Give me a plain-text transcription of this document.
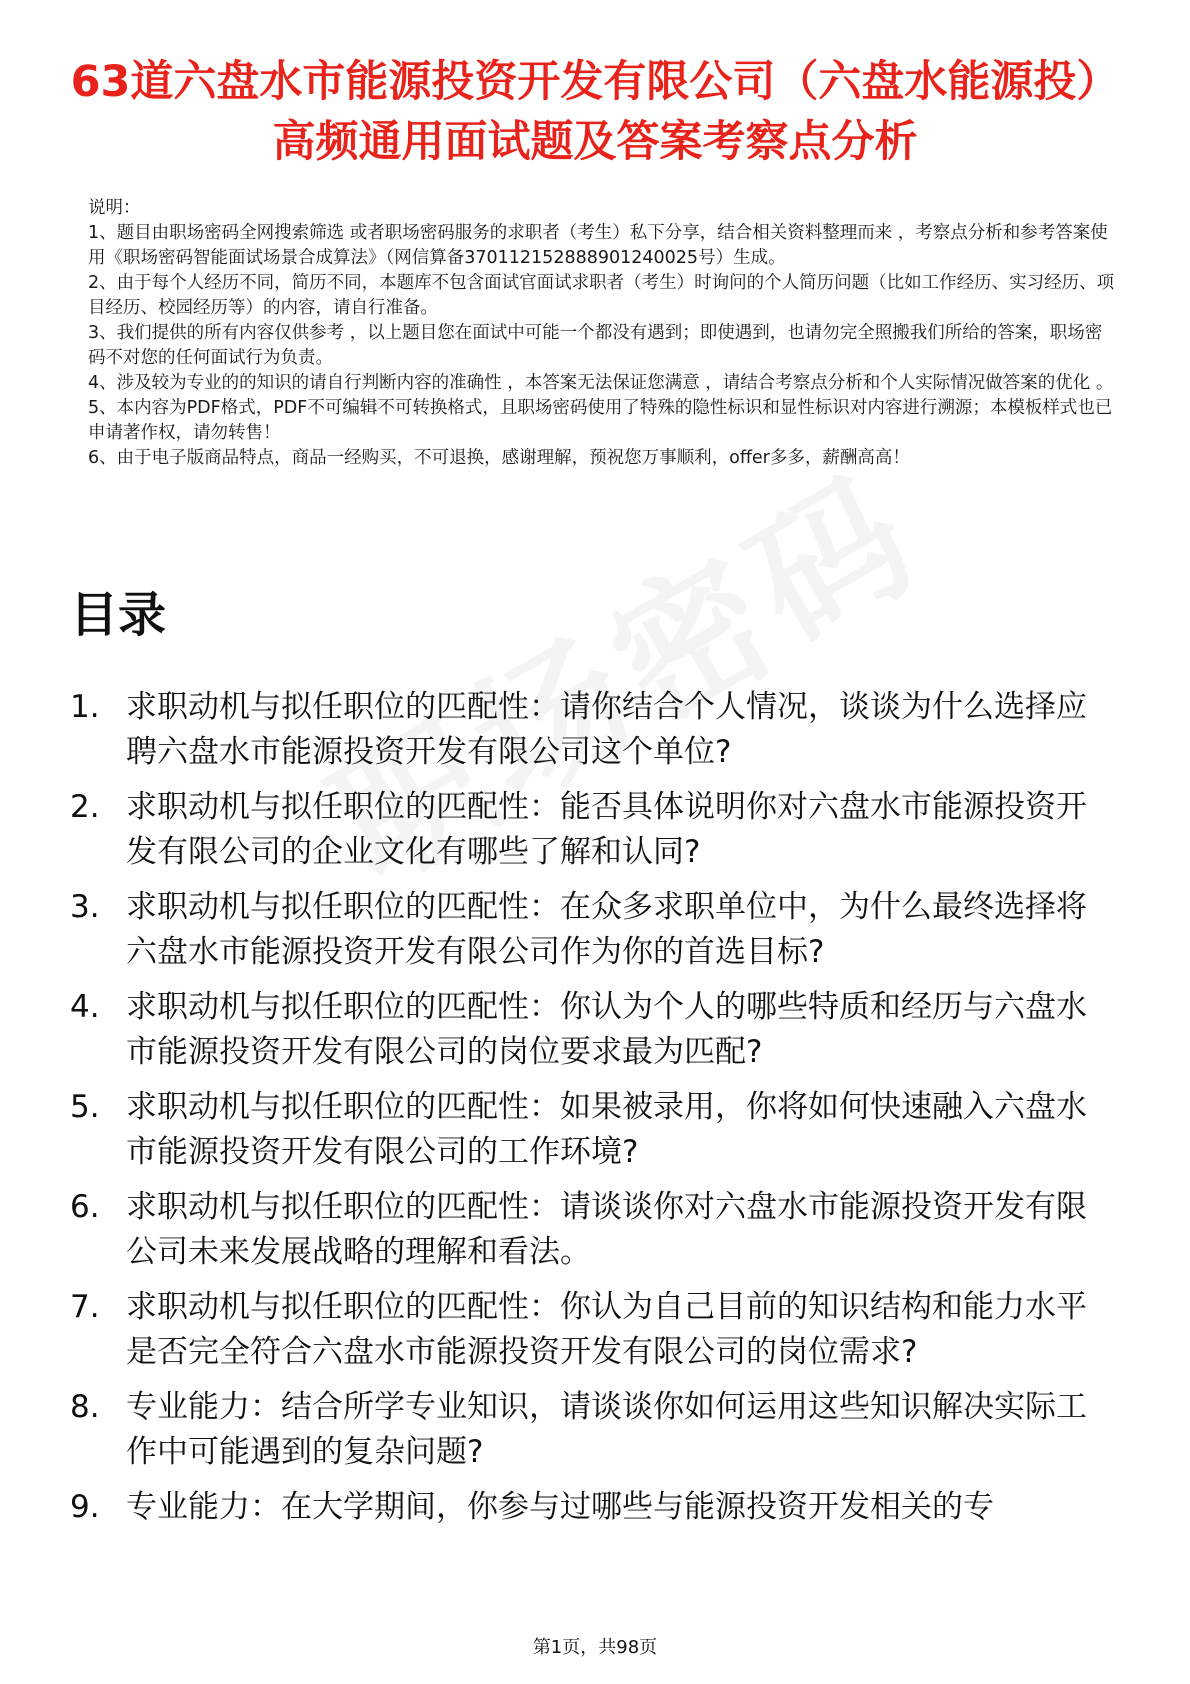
63道六盘水市能源投资开发有限公司（六盘水能源投）高频通用面试题及答案考察点分析

说明：

1、题目由职场密码全网搜索筛选 或者职场密码服务的求职者（考生）私下分享，结合相关资料整理而来 ，考察点分析和参考答案使用《职场密码智能面试场景合成算法》（网信算备370112152888901240025号）生成。

2、由于每个人经历不同，简历不同，本题库不包含面试官面试求职者（考生）时询问的个人简历问题（比如工作经历、实习经历、项目经历、校园经历等）的内容，请自行准备。

3、我们提供的所有内容仅供参考 ，以上题目您在面试中可能一个都没有遇到；即使遇到，也请勿完全照搬我们所给的答案，职场密码不对您的任何面试行为负责。

4、涉及较为专业的的知识的请自行判断内容的准确性 ，本答案无法保证您满意 ，请结合考察点分析和个人实际情况做答案的优化 。

5、本内容为PDF格式，PDF不可编辑不可转换格式，且职场密码使用了特殊的隐性标识和显性标识对内容进行溯源；本模板样式也已申请著作权，请勿转售！

6、由于电子版商品特点，商品一经购买，不可退换，感谢理解，预祝您万事顺利，offer多多，薪酬高高！

目录
1. 求职动机与拟任职位的匹配性：请你结合个人情况，谈谈为什么选择应聘六盘水市能源投资开发有限公司这个单位?
2. 求职动机与拟任职位的匹配性：能否具体说明你对六盘水市能源投资开发有限公司的企业文化有哪些了解和认同?
3. 求职动机与拟任职位的匹配性：在众多求职单位中，为什么最终选择将六盘水市能源投资开发有限公司作为你的首选目标?
4. 求职动机与拟任职位的匹配性：你认为个人的哪些特质和经历与六盘水市能源投资开发有限公司的岗位要求最为匹配?
5. 求职动机与拟任职位的匹配性：如果被录用，你将如何快速融入六盘水市能源投资开发有限公司的工作环境?
6. 求职动机与拟任职位的匹配性：请谈谈你对六盘水市能源投资开发有限公司未来发展战略的理解和看法。
7. 求职动机与拟任职位的匹配性：你认为自己目前的知识结构和能力水平是否完全符合六盘水市能源投资开发有限公司的岗位需求?
8. 专业能力：结合所学专业知识，请谈谈你如何运用这些知识解决实际工作中可能遇到的复杂问题?
9. 专业能力：在大学期间，你参与过哪些与能源投资开发相关的专
第1页，共98页
